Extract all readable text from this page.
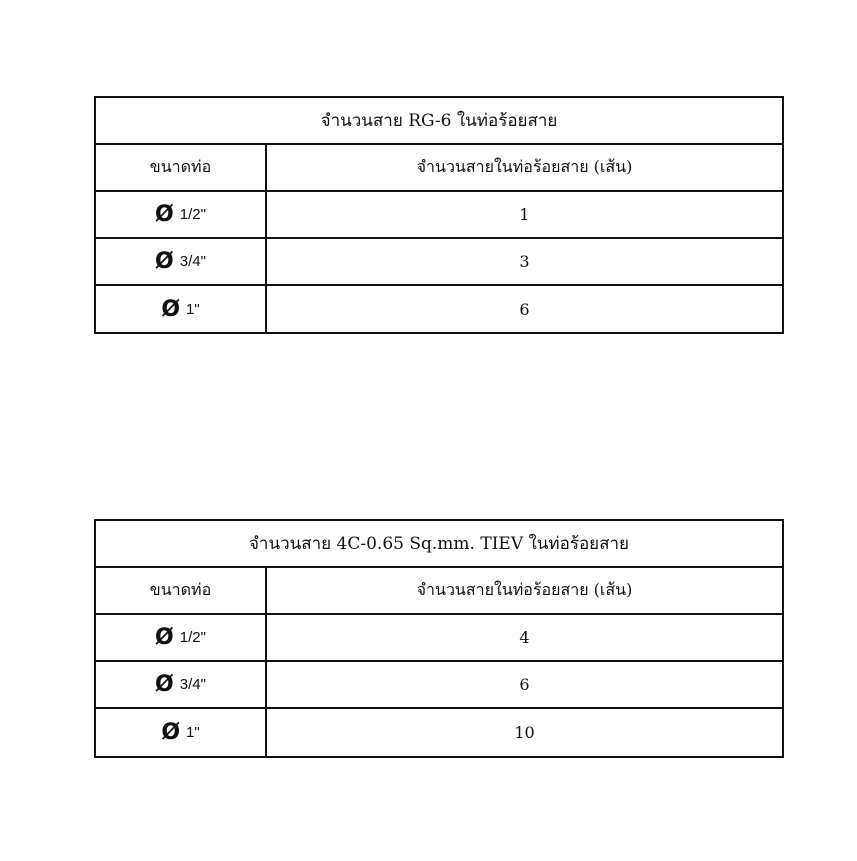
จำนวนสาย RG-6 ในท่อร้อยสาย
ขนาดท่อ	จำนวนสายในท่อร้อยสาย (เส้น)
Ø 1/2"	1
Ø 3/4"	3
Ø 1"	6
จำนวนสาย 4C-0.65 Sq.mm. TIEV ในท่อร้อยสาย
ขนาดท่อ	จำนวนสายในท่อร้อยสาย (เส้น)
Ø 1/2"	4
Ø 3/4"	6
Ø 1"	10
